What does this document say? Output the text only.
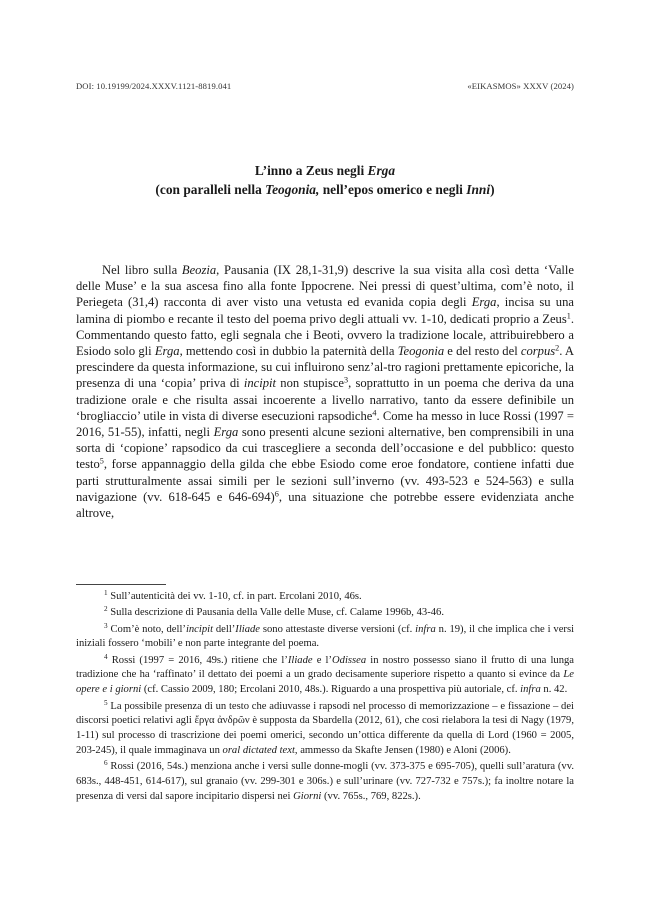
DOI: 10.19199/2024.XXXV.1121-8819.041	«EIKASMOS» XXXV (2024)
L’inno a Zeus negli Erga
(con paralleli nella Teogonia, nell’epos omerico e negli Inni)

Nel libro sulla Beozia, Pausania (IX 28,1-31,9) descrive la sua visita alla così detta ‘Valle delle Muse’ e la sua ascesa fino alla fonte Ippocrene. Nei pressi di quest’ultima, com’è noto, il Periegeta (31,4) racconta di aver visto una vetusta ed evanida copia degli Erga, incisa su una lamina di piombo e recante il testo del poema privo degli attuali vv. 1-10, dedicati proprio a Zeus$^1$. Commentando questo fatto, egli segnala che i Beoti, ovvero la tradizione locale, attribuirebbero a Esiodo solo gli Erga, mettendo così in dubbio la paternità della Teogonia e del resto del corpus$^2$. A prescindere da questa informazione, su cui influirono senz’al-tro ragioni prettamente epicoriche, la presenza di una ‘copia’ priva di incipit non stupisce$^3$, soprattutto in un poema che deriva da una tradizione orale e che risulta assai incoerente a livello narrativo, tanto da essere definibile un ‘brogliaccio’ utile in vista di diverse esecuzioni rapsodiche$^4$. Come ha messo in luce Rossi (1997 = 2016, 51-55), infatti, negli Erga sono presenti alcune sezioni alternative, ben comprensibili in una sorta di ‘copione’ rapsodico da cui trascegliere a seconda dell’occasione e del pubblico: questo testo$^5$, forse appannaggio della gilda che ebbe Esiodo come eroe fondatore, contiene infatti due parti strutturalmente assai simili per le sezioni sull’inverno (vv. 493-523 e 524-563) e sulla navigazione (vv. 618-645 e 646-694)$^6$, una situazione che potrebbe essere evidenziata anche altrove,

$^1$ Sull’autenticità dei vv. 1-10, cf. in part. Ercolani 2010, 46s.

$^2$ Sulla descrizione di Pausania della Valle delle Muse, cf. Calame 1996b, 43-46.

$^3$ Com’è noto, dell’incipit dell’Iliade sono attestaste diverse versioni (cf. infra n. 19), il che implica che i versi iniziali fossero ‘mobili’ e non parte integrante del poema.

$^4$ Rossi (1997 = 2016, 49s.) ritiene che l’Iliade e l’Odissea in nostro possesso siano il frutto di una lunga tradizione che ha ‘raffinato’ il dettato dei poemi a un grado decisamente superiore rispetto a quanto si evince da Le opere e i giorni (cf. Cassio 2009, 180; Ercolani 2010, 48s.). Riguardo a una prospettiva più autoriale, cf. infra n. 42.

$^5$ La possibile presenza di un testo che adiuvasse i rapsodi nel processo di memorizzazione – e fissazione – dei discorsi poetici relativi agli ἔργα ἀνδρῶν è supposta da Sbardella (2012, 61), che così rielabora la tesi di Nagy (1979, 1-11) sul processo di trascrizione dei poemi omerici, secondo un’ottica differente da quella di Lord (1960 = 2005, 203-245), il quale immaginava un oral dictated text, ammesso da Skafte Jensen (1980) e Aloni (2006).

$^6$ Rossi (2016, 54s.) menziona anche i versi sulle donne-mogli (vv. 373-375 e 695-705), quelli sull’aratura (vv. 683s., 448-451, 614-617), sul granaio (vv. 299-301 e 306s.) e sull’urinare (vv. 727-732 e 757s.); fa inoltre notare la presenza di versi dal sapore incipitario dispersi nei Giorni (vv. 765s., 769, 822s.).
